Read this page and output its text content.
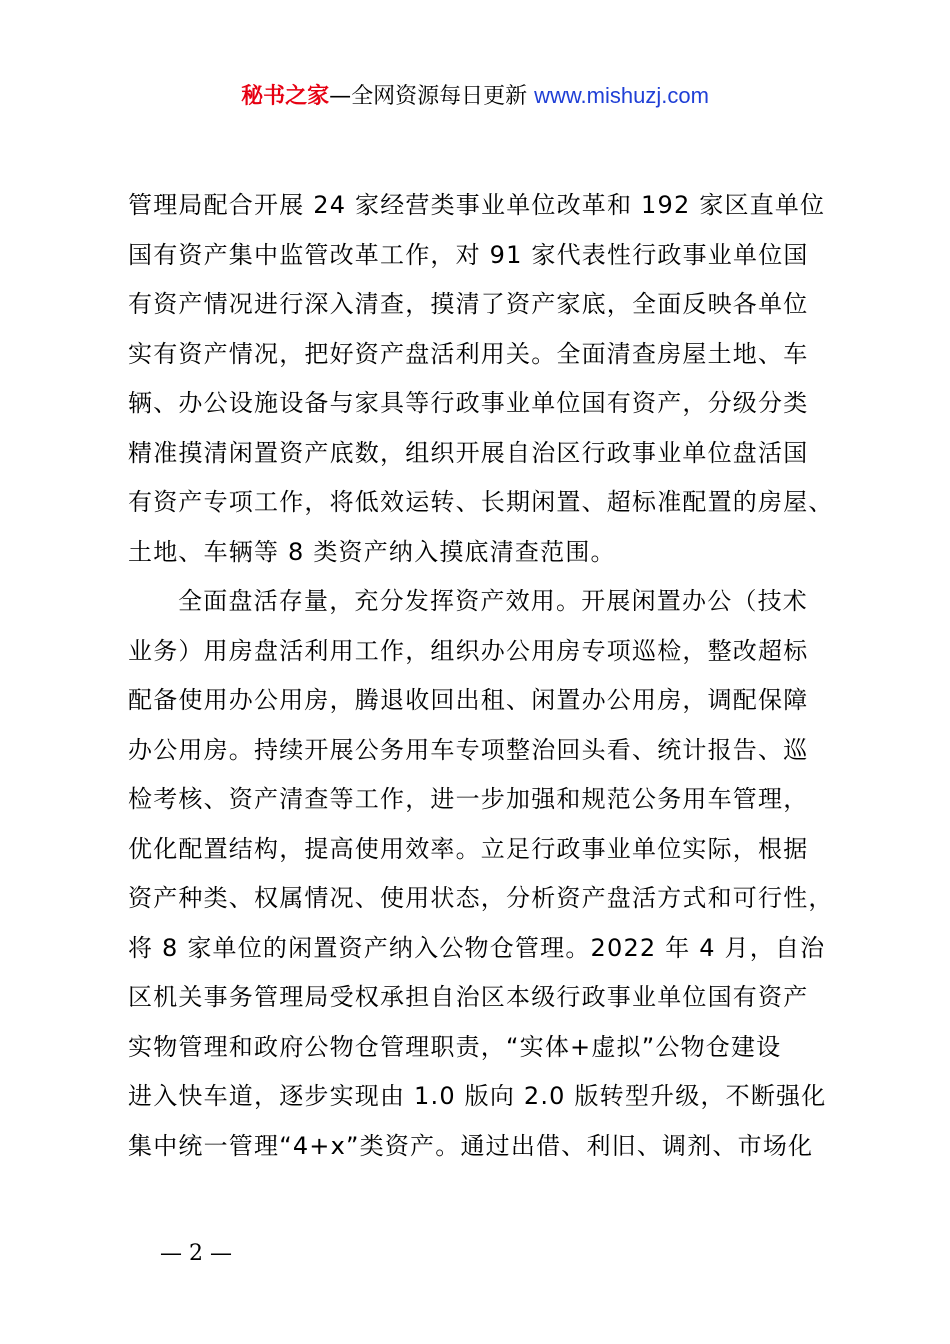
秘书之家—全网资源每日更新 www.mishuzj.com
管理局配合开展 24 家经营类事业单位改革和 192 家区直单位
国有资产集中监管改革工作，对 91 家代表性行政事业单位国
有资产情况进行深入清查，摸清了资产家底，全面反映各单位
实有资产情况，把好资产盘活利用关。全面清查房屋土地、车
辆、办公设施设备与家具等行政事业单位国有资产，分级分类
精准摸清闲置资产底数，组织开展自治区行政事业单位盘活国
有资产专项工作，将低效运转、长期闲置、超标准配置的房屋、
土地、车辆等 8 类资产纳入摸底清查范围。
全面盘活存量，充分发挥资产效用。开展闲置办公（技术
业务）用房盘活利用工作，组织办公用房专项巡检，整改超标
配备使用办公用房，腾退收回出租、闲置办公用房，调配保障
办公用房。持续开展公务用车专项整治回头看、统计报告、巡
检考核、资产清查等工作，进一步加强和规范公务用车管理，
优化配置结构，提高使用效率。立足行政事业单位实际，根据
资产种类、权属情况、使用状态，分析资产盘活方式和可行性，
将 8 家单位的闲置资产纳入公物仓管理。2022 年 4 月，自治
区机关事务管理局受权承担自治区本级行政事业单位国有资产
实物管理和政府公物仓管理职责，“实体+虚拟”公物仓建设
进入快车道，逐步实现由 1.0 版向 2.0 版转型升级，不断强化
集中统一管理“4+x”类资产。通过出借、利旧、调剂、市场化
— 2 —
